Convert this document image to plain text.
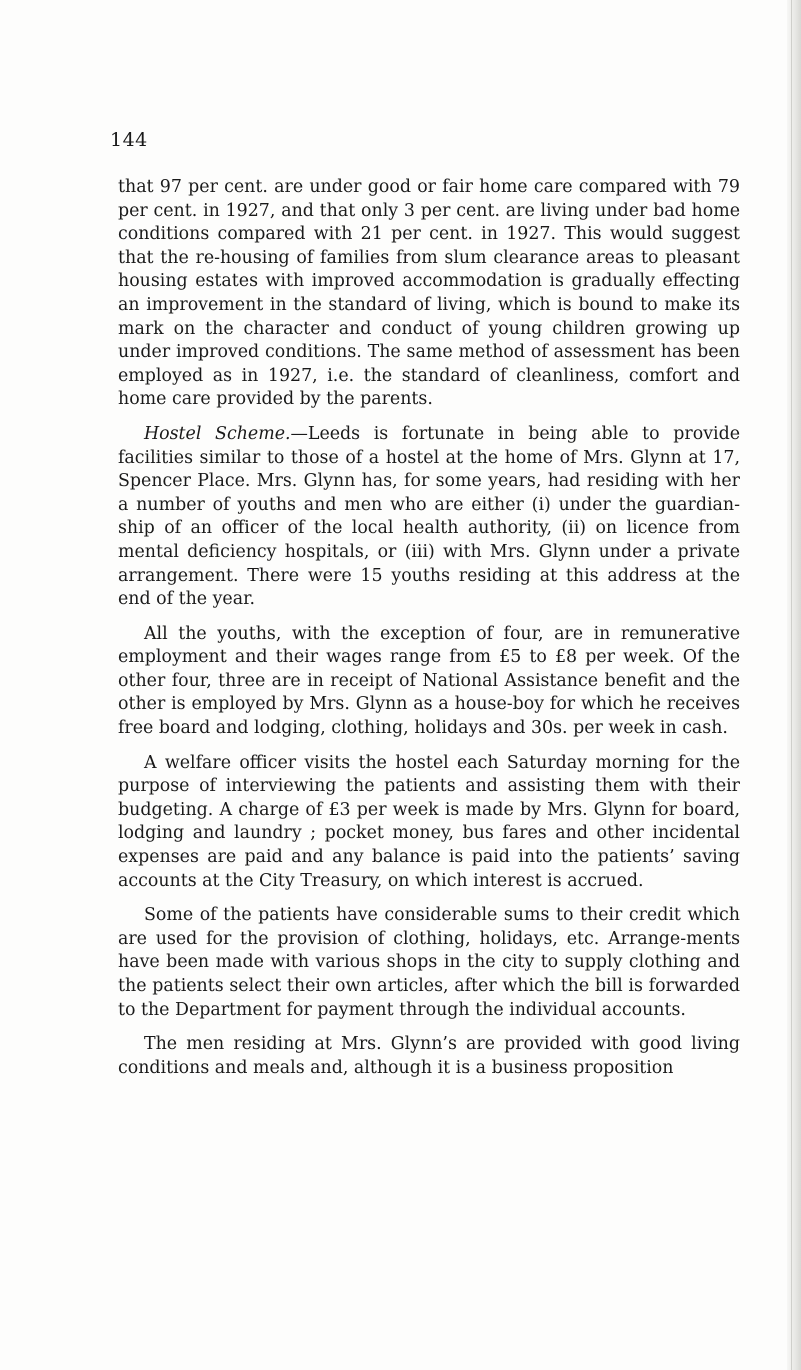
144

that 97 per cent. are under good or fair home care compared with 79 per cent. in 1927, and that only 3 per cent. are living under bad home conditions compared with 21 per cent. in 1927. This would suggest that the re-housing of families from slum clearance areas to pleasant housing estates with improved accommodation is gradually effecting an improvement in the standard of living, which is bound to make its mark on the character and conduct of young children growing up under improved conditions. The same method of assessment has been employed as in 1927, i.e. the standard of cleanliness, comfort and home care provided by the parents.

Hostel Scheme.—Leeds is fortunate in being able to provide facilities similar to those of a hostel at the home of Mrs. Glynn at 17, Spencer Place. Mrs. Glynn has, for some years, had residing with her a number of youths and men who are either (i) under the guardian-ship of an officer of the local health authority, (ii) on licence from mental deficiency hospitals, or (iii) with Mrs. Glynn under a private arrangement. There were 15 youths residing at this address at the end of the year.

All the youths, with the exception of four, are in remunerative employment and their wages range from £5 to £8 per week. Of the other four, three are in receipt of National Assistance benefit and the other is employed by Mrs. Glynn as a house-boy for which he receives free board and lodging, clothing, holidays and 30s. per week in cash.

A welfare officer visits the hostel each Saturday morning for the purpose of interviewing the patients and assisting them with their budgeting. A charge of £3 per week is made by Mrs. Glynn for board, lodging and laundry ; pocket money, bus fares and other incidental expenses are paid and any balance is paid into the patients’ saving accounts at the City Treasury, on which interest is accrued.

Some of the patients have considerable sums to their credit which are used for the provision of clothing, holidays, etc. Arrange-ments have been made with various shops in the city to supply clothing and the patients select their own articles, after which the bill is forwarded to the Department for payment through the individual accounts.

The men residing at Mrs. Glynn’s are provided with good living conditions and meals and, although it is a business proposition
